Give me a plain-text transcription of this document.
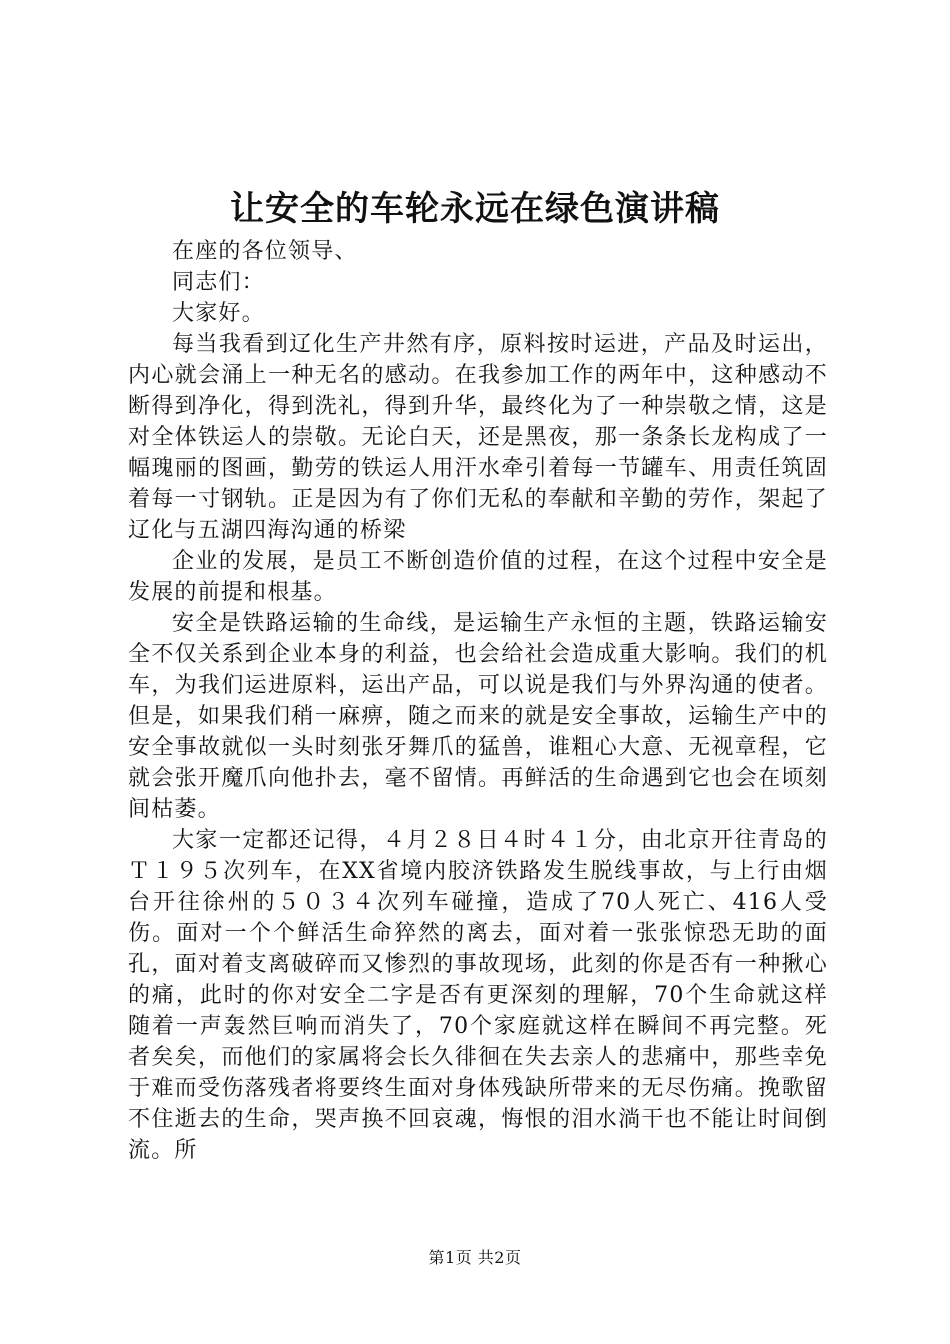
让安全的车轮永远在绿色演讲稿

在座的各位领导、

同志们：

大家好。

每当我看到辽化生产井然有序，原料按时运进，产品及时运出，内心就会涌上一种无名的感动。在我参加工作的两年中，这种感动不断得到净化，得到洗礼，得到升华，最终化为了一种崇敬之情，这是对全体铁运人的崇敬。无论白天，还是黑夜，那一条条长龙构成了一幅瑰丽的图画，勤劳的铁运人用汗水牵引着每一节罐车、用责任筑固着每一寸钢轨。正是因为有了你们无私的奉献和辛勤的劳作，架起了辽化与五湖四海沟通的桥梁

企业的发展，是员工不断创造价值的过程，在这个过程中安全是发展的前提和根基。

安全是铁路运输的生命线，是运输生产永恒的主题，铁路运输安全不仅关系到企业本身的利益，也会给社会造成重大影响。我们的机车，为我们运进原料，运出产品，可以说是我们与外界沟通的使者。但是，如果我们稍一麻痹，随之而来的就是安全事故，运输生产中的安全事故就似一头时刻张牙舞爪的猛兽，谁粗心大意、无视章程，它就会张开魔爪向他扑去，毫不留情。再鲜活的生命遇到它也会在顷刻间枯萎。

大家一定都还记得，４月２８日４时４１分，由北京开往青岛的Ｔ１９５次列车，在XX省境内胶济铁路发生脱线事故，与上行由烟台开往徐州的５０３４次列车碰撞，造成了70人死亡、416人受伤。面对一个个鲜活生命猝然的离去，面对着一张张惊恐无助的面孔，面对着支离破碎而又惨烈的事故现场，此刻的你是否有一种揪心的痛，此时的你对安全二字是否有更深刻的理解，70个生命就这样随着一声轰然巨响而消失了，70个家庭就这样在瞬间不再完整。死者矣矣，而他们的家属将会长久徘徊在失去亲人的悲痛中，那些幸免于难而受伤落残者将要终生面对身体残缺所带来的无尽伤痛。挽歌留不住逝去的生命，哭声换不回哀魂，悔恨的泪水淌干也不能让时间倒流。所

第1页 共2页
